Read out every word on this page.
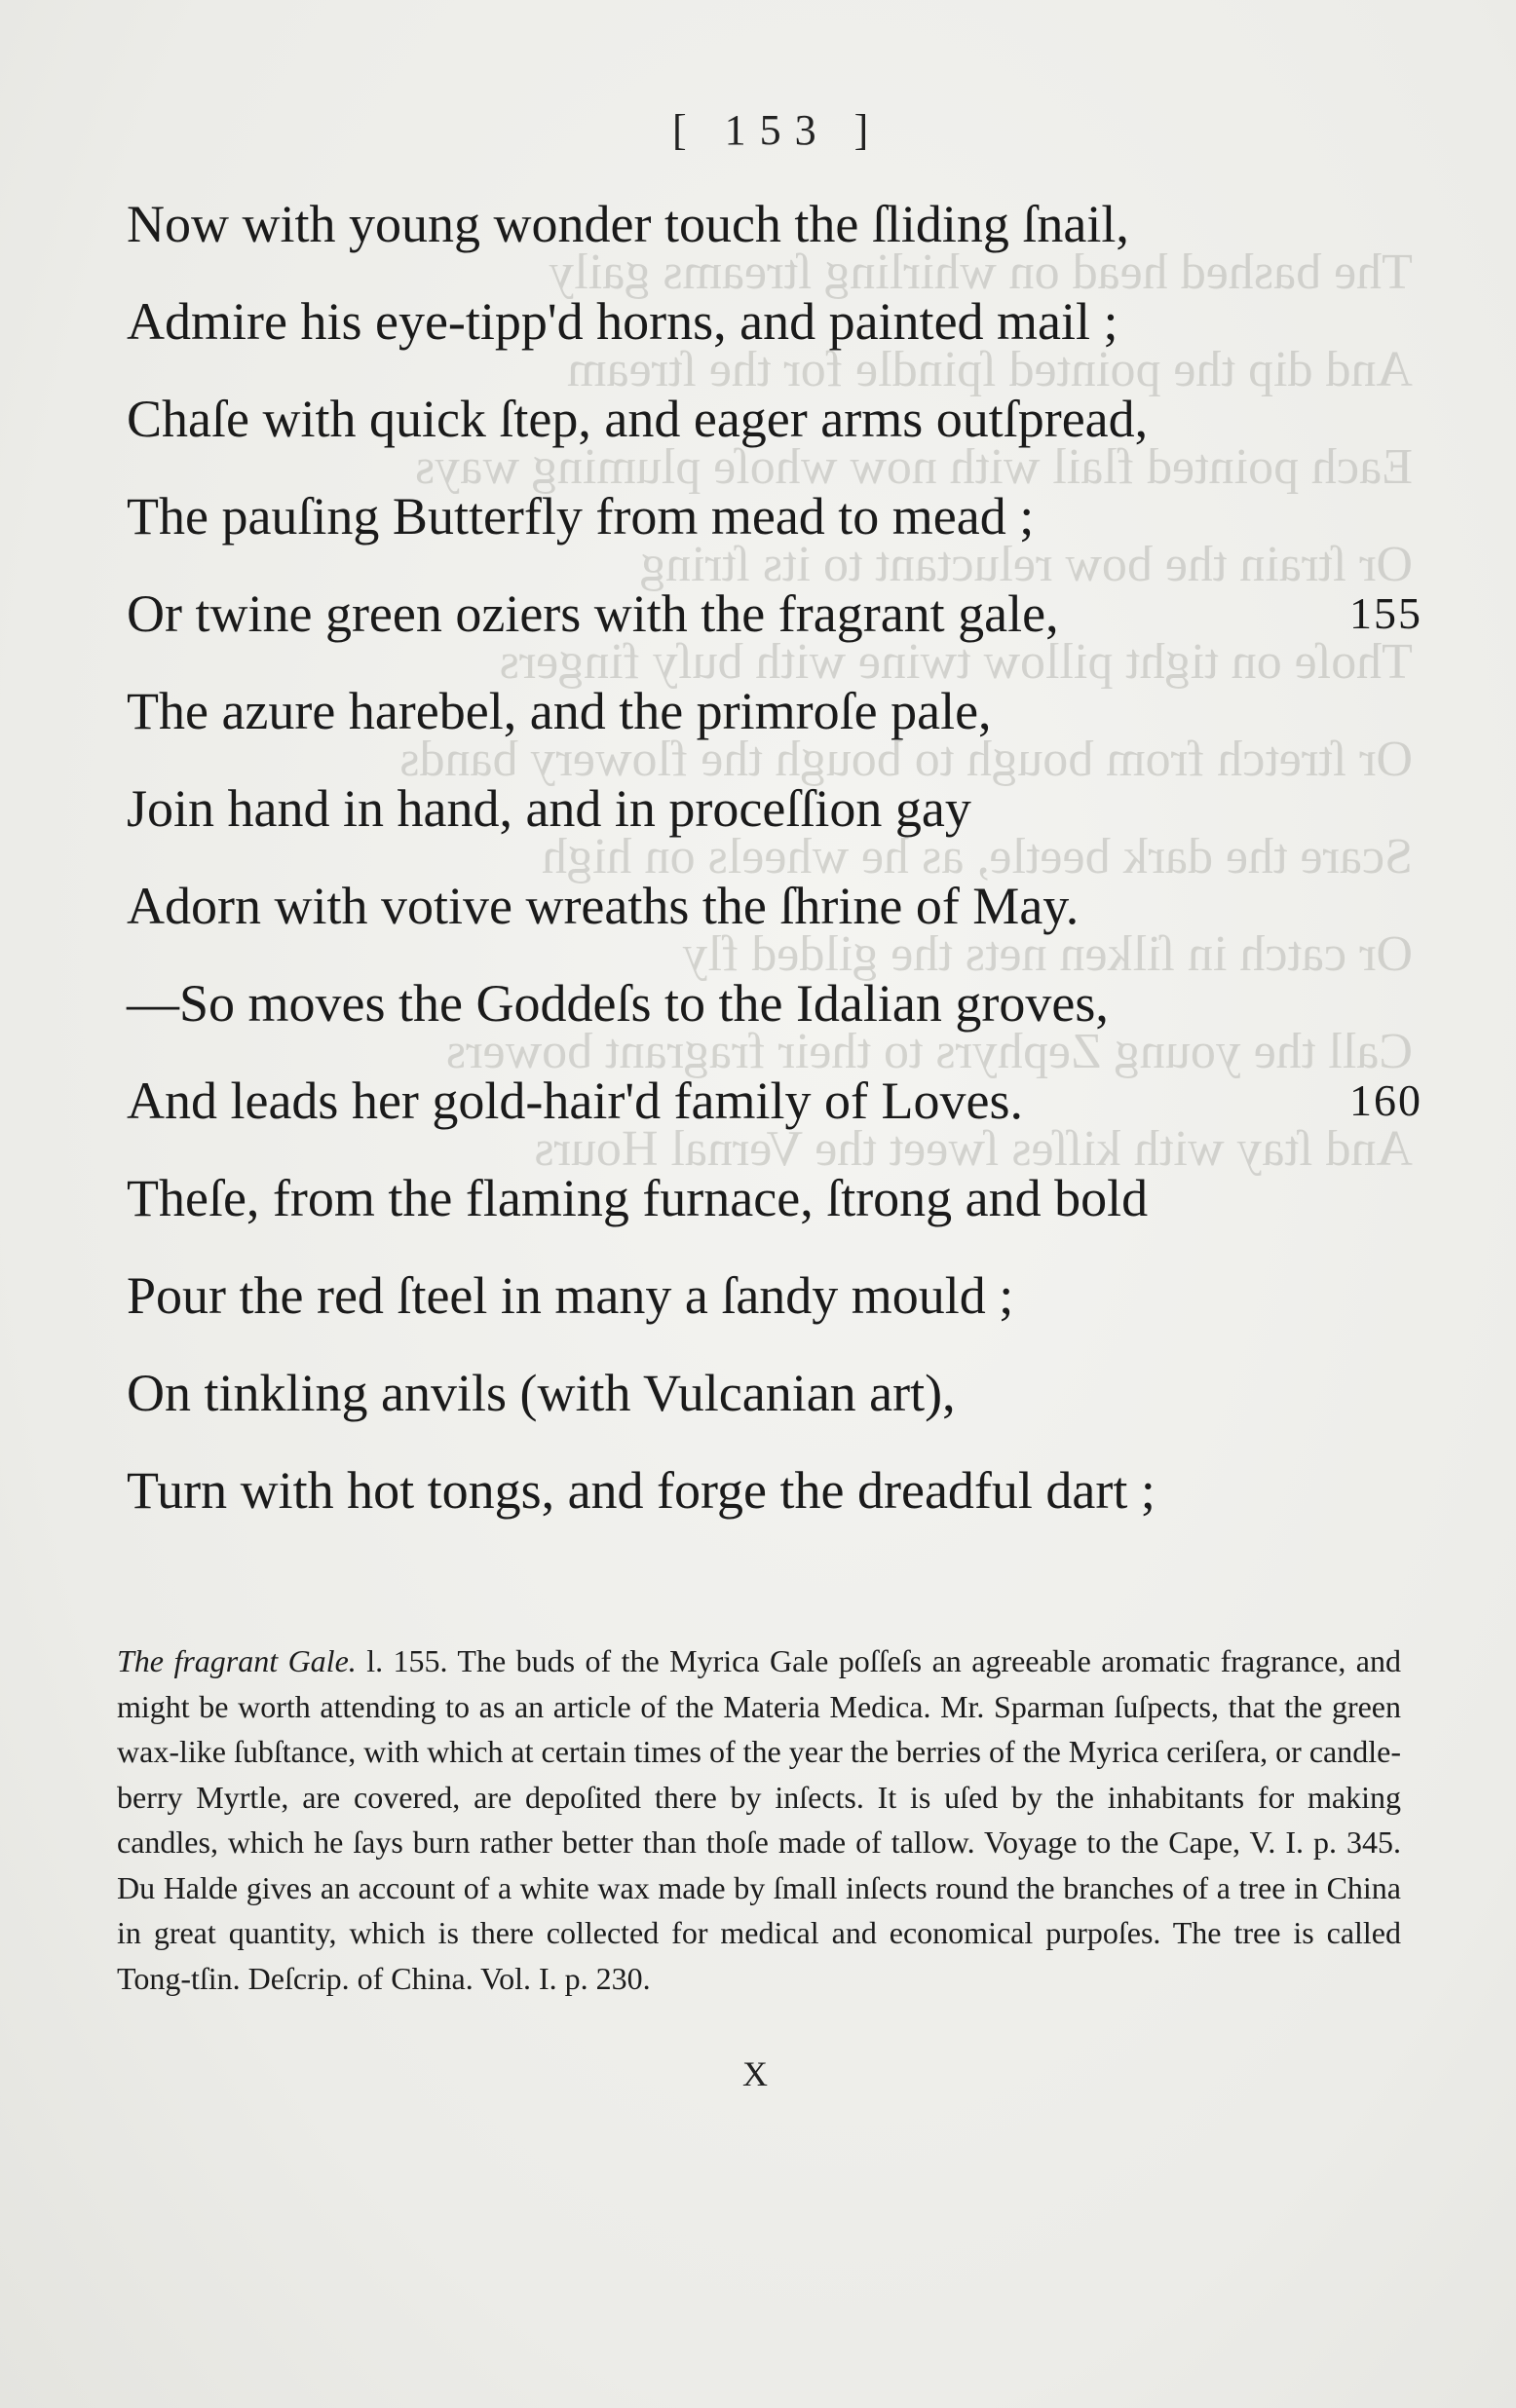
The bashed head on whirling ſtreams gaily
And dip the pointed ſpindle for the ſtream
Each pointed flail with now whoſe pluming ways
Or ſtrain the bow reluctant to its ſtring
Thoſe on tight pillow twine with buſy fingers
Or ſtretch from bough to bough the flowery bands
Scare the dark beetle, as he wheels on high
Or catch in ſilken nets the gilded fly
Call the young Zephyrs to their fragrant bowers
And ſtay with kiſſes ſweet the Vernal Hours
[ 153 ]
Now with young wonder touch the ſliding ſnail,
Admire his eye-tipp'd horns, and painted mail ;
Chaſe with quick ſtep, and eager arms outſpread,
The pauſing Butterfly from mead to mead ;
Or twine green oziers with the fragrant gale,	155
The azure harebel, and the primroſe pale,
Join hand in hand, and in proceſſion gay
Adorn with votive wreaths the ſhrine of May.
—So moves the Goddeſs to the Idalian groves,
And leads her gold-hair'd family of Loves.	160
Theſe, from the flaming furnace, ſtrong and bold
Pour the red ſteel in many a ſandy mould ;
On tinkling anvils (with Vulcanian art),
Turn with hot tongs, and forge the dreadful dart ;
The fragrant Gale. l. 155. The buds of the Myrica Gale poſſeſs an agreeable aromatic fragrance, and might be worth attending to as an article of the Materia Medica. Mr. Sparman ſuſpects, that the green wax-like ſubſtance, with which at certain times of the year the berries of the Myrica ceriſera, or candle-berry Myrtle, are covered, are depoſited there by inſects. It is uſed by the inhabitants for making candles, which he ſays burn rather better than thoſe made of tallow. Voyage to the Cape, V. I. p. 345. Du Halde gives an account of a white wax made by ſmall inſects round the branches of a tree in China in great quantity, which is there collected for medical and economical purpoſes. The tree is called Tong-tſin. Deſcrip. of China. Vol. I. p. 230.
X
